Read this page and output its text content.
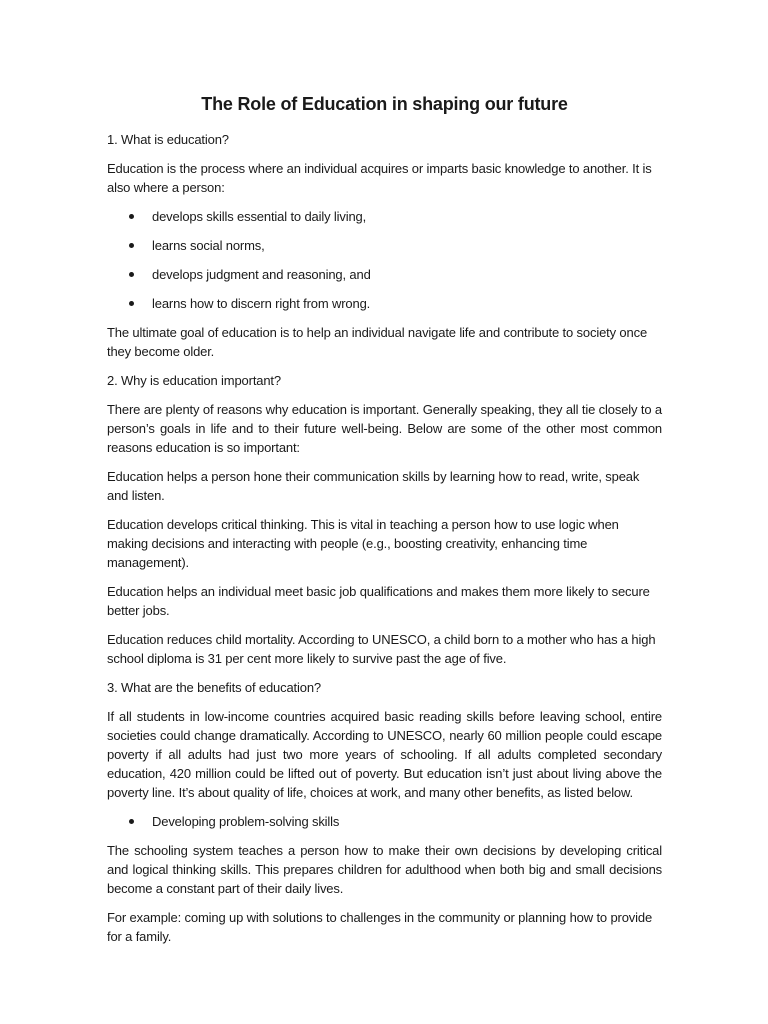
The Role of Education in shaping our future

1. What is education?

Education is the process where an individual acquires or imparts basic knowledge to another. It is also where a person:

develops skills essential to daily living,
learns social norms,
develops judgment and reasoning, and
learns how to discern right from wrong.

The ultimate goal of education is to help an individual navigate life and contribute to society once they become older.

2. Why is education important?

There are plenty of reasons why education is important. Generally speaking, they all tie closely to a person’s goals in life and to their future well-being. Below are some of the other most common reasons education is so important:

Education helps a person hone their communication skills by learning how to read, write, speak and listen.

Education develops critical thinking. This is vital in teaching a person how to use logic when making decisions and interacting with people (e.g., boosting creativity, enhancing time management).

Education helps an individual meet basic job qualifications and makes them more likely to secure better jobs.

Education reduces child mortality. According to UNESCO, a child born to a mother who has a high school diploma is 31 per cent more likely to survive past the age of five.

3. What are the benefits of education?

If all students in low-income countries acquired basic reading skills before leaving school, entire societies could change dramatically. According to UNESCO, nearly 60 million people could escape poverty if all adults had just two more years of schooling. If all adults completed secondary education, 420 million could be lifted out of poverty. But education isn’t just about living above the poverty line. It’s about quality of life, choices at work, and many other benefits, as listed below.

Developing problem-solving skills

The schooling system teaches a person how to make their own decisions by developing critical and logical thinking skills. This prepares children for adulthood when both big and small decisions become a constant part of their daily lives.

For example: coming up with solutions to challenges in the community or planning how to provide for a family.
